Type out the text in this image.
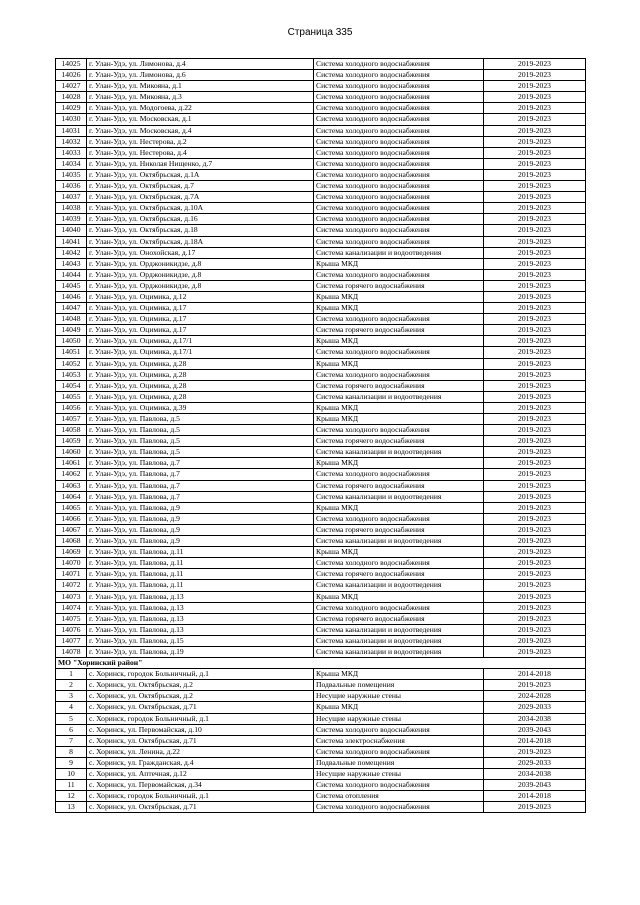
Страница 335
14025	г. Улан-Удэ, ул. Лимонова, д.4	Система холодного водоснабжения	2019-2023
14026	г. Улан-Удэ, ул. Лимонова, д.6	Система холодного водоснабжения	2019-2023
14027	г. Улан-Удэ, ул. Микояна, д.1	Система холодного водоснабжения	2019-2023
14028	г. Улан-Удэ, ул. Микояна, д.3	Система холодного водоснабжения	2019-2023
14029	г. Улан-Удэ, ул. Модогоева, д.22	Система холодного водоснабжения	2019-2023
14030	г. Улан-Удэ, ул. Московская, д.1	Система холодного водоснабжения	2019-2023
14031	г. Улан-Удэ, ул. Московская, д.4	Система холодного водоснабжения	2019-2023
14032	г. Улан-Удэ, ул. Нестерова, д.2	Система холодного водоснабжения	2019-2023
14033	г. Улан-Удэ, ул. Нестерова, д.4	Система холодного водоснабжения	2019-2023
14034	г. Улан-Удэ, ул. Николая Нищенко, д.7	Система холодного водоснабжения	2019-2023
14035	г. Улан-Удэ, ул. Октябрьская, д.1А	Система холодного водоснабжения	2019-2023
14036	г. Улан-Удэ, ул. Октябрьская, д.7	Система холодного водоснабжения	2019-2023
14037	г. Улан-Удэ, ул. Октябрьская, д.7А	Система холодного водоснабжения	2019-2023
14038	г. Улан-Удэ, ул. Октябрьская, д.10А	Система холодного водоснабжения	2019-2023
14039	г. Улан-Удэ, ул. Октябрьская, д.16	Система холодного водоснабжения	2019-2023
14040	г. Улан-Удэ, ул. Октябрьская, д.18	Система холодного водоснабжения	2019-2023
14041	г. Улан-Удэ, ул. Октябрьская, д.18А	Система холодного водоснабжения	2019-2023
14042	г. Улан-Удэ, ул. Онохойская, д.17	Система канализации и водоотведения	2019-2023
14043	г. Улан-Удэ, ул. Орджоникидзе, д.8	Крыша МКД	2019-2023
14044	г. Улан-Удэ, ул. Орджоникидзе, д.8	Система холодного водоснабжения	2019-2023
14045	г. Улан-Удэ, ул. Орджоникидзе, д.8	Система горячего водоснабжения	2019-2023
14046	г. Улан-Удэ, ул. Оцимика, д.12	Крыша МКД	2019-2023
14047	г. Улан-Удэ, ул. Оцимика, д.17	Крыша МКД	2019-2023
14048	г. Улан-Удэ, ул. Оцимика, д.17	Система холодного водоснабжения	2019-2023
14049	г. Улан-Удэ, ул. Оцимика, д.17	Система горячего водоснабжения	2019-2023
14050	г. Улан-Удэ, ул. Оцимика, д.17/1	Крыша МКД	2019-2023
14051	г. Улан-Удэ, ул. Оцимика, д.17/1	Система холодного водоснабжения	2019-2023
14052	г. Улан-Удэ, ул. Оцимика, д.28	Крыша МКД	2019-2023
14053	г. Улан-Удэ, ул. Оцимика, д.28	Система холодного водоснабжения	2019-2023
14054	г. Улан-Удэ, ул. Оцимика, д.28	Система горячего водоснабжения	2019-2023
14055	г. Улан-Удэ, ул. Оцимика, д.28	Система канализации и водоотведения	2019-2023
14056	г. Улан-Удэ, ул. Оцимика, д.39	Крыша МКД	2019-2023
14057	г. Улан-Удэ, ул. Павлова, д.5	Крыша МКД	2019-2023
14058	г. Улан-Удэ, ул. Павлова, д.5	Система холодного водоснабжения	2019-2023
14059	г. Улан-Удэ, ул. Павлова, д.5	Система горячего водоснабжения	2019-2023
14060	г. Улан-Удэ, ул. Павлова, д.5	Система канализации и водоотведения	2019-2023
14061	г. Улан-Удэ, ул. Павлова, д.7	Крыша МКД	2019-2023
14062	г. Улан-Удэ, ул. Павлова, д.7	Система холодного водоснабжения	2019-2023
14063	г. Улан-Удэ, ул. Павлова, д.7	Система горячего водоснабжения	2019-2023
14064	г. Улан-Удэ, ул. Павлова, д.7	Система канализации и водоотведения	2019-2023
14065	г. Улан-Удэ, ул. Павлова, д.9	Крыша МКД	2019-2023
14066	г. Улан-Удэ, ул. Павлова, д.9	Система холодного водоснабжения	2019-2023
14067	г. Улан-Удэ, ул. Павлова, д.9	Система горячего водоснабжения	2019-2023
14068	г. Улан-Удэ, ул. Павлова, д.9	Система канализации и водоотведения	2019-2023
14069	г. Улан-Удэ, ул. Павлова, д.11	Крыша МКД	2019-2023
14070	г. Улан-Удэ, ул. Павлова, д.11	Система холодного водоснабжения	2019-2023
14071	г. Улан-Удэ, ул. Павлова, д.11	Система горячего водоснабжения	2019-2023
14072	г. Улан-Удэ, ул. Павлова, д.11	Система канализации и водоотведения	2019-2023
14073	г. Улан-Удэ, ул. Павлова, д.13	Крыша МКД	2019-2023
14074	г. Улан-Удэ, ул. Павлова, д.13	Система холодного водоснабжения	2019-2023
14075	г. Улан-Удэ, ул. Павлова, д.13	Система горячего водоснабжения	2019-2023
14076	г. Улан-Удэ, ул. Павлова, д.13	Система канализации и водоотведения	2019-2023
14077	г. Улан-Удэ, ул. Павлова, д.15	Система канализации и водоотведения	2019-2023
14078	г. Улан-Удэ, ул. Павлова, д.19	Система канализации и водоотведения	2019-2023
МО "Хоринский район"			
1	с. Хоринск, городок Больничный, д.1	Крыша МКД	2014-2018
2	с. Хоринск, ул. Октябрьская, д.2	Подвальные помещения	2019-2023
3	с. Хоринск, ул. Октябрьская, д.2	Несущие наружные стены	2024-2028
4	с. Хоринск, ул. Октябрьская, д.71	Крыша МКД	2029-2033
5	с. Хоринск, городок Больничный, д.1	Несущие наружные стены	2034-2038
6	с. Хоринск, ул. Первомайская, д.10	Система холодного водоснабжения	2039-2043
7	с. Хоринск, ул. Октябрьская, д.71	Система электроснабжения	2014-2018
8	с. Хоринск, ул. Ленина, д.22	Система холодного водоснабжения	2019-2023
9	с. Хоринск, ул. Гражданская, д.4	Подвальные помещения	2029-2033
10	с. Хоринск, ул. Аптечная, д.12	Несущие наружные стены	2034-2038
11	с. Хоринск, ул. Первомайская, д.34	Система холодного водоснабжения	2039-2043
12	с. Хоринск, городок Больничный, д.1	Система отопления	2014-2018
13	с. Хоринск, ул. Октябрьская, д.71	Система холодного водоснабжения	2019-2023
